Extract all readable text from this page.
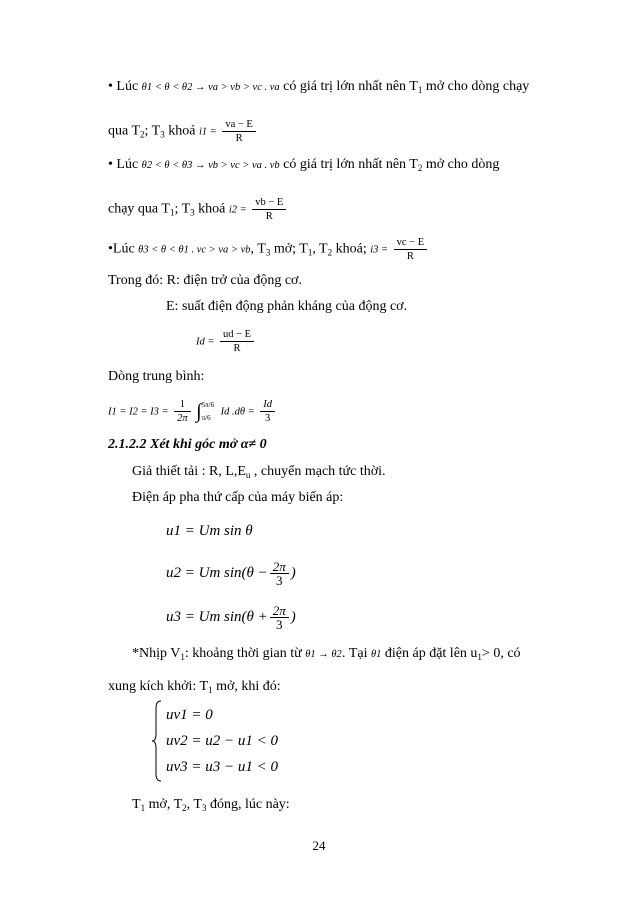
• Lúc θ1 < θ < θ2 → va > vb > vc . va có giá trị lớn nhất nên $T_1$ mở cho dòng chạy
qua $T_2$; $T_3$ khoá $i1 = \frac{va - E}{R}$
• Lúc θ2 < θ < θ3 → vb > vc > va . vb có giá trị lớn nhất nên $T_2$ mở cho dòng
chạy qua $T_1$; $T_3$ khoá $i2 = \frac{vb - E}{R}$
•Lúc θ3 < θ < θ1 . vc > va > vb, $T_3$ mở; $T_1$, $T_2$ khoá; $i3 = \frac{vc - E}{R}$
Trong đó: R: điện trở của động cơ.
E: suất điện động phản kháng của động cơ.
$Id = \frac{ud - E}{R}$
Dòng trung bình:
$I1 = I2 = I3 = \frac{1}{2\pi}$ ∫ 5π/6
π/6 Id $.d\theta = \frac{Id}{3}$
2.1.2.2 Xét khi góc mở α≠ 0
Giả thiết tải : R, $L,E_u$ , chuyển mạch tức thời.
Điện áp pha thứ cấp của máy biến áp:
u1 = Um sin θ
u2 = Um $\sin(\theta - \frac{2\pi}{3}$ )
u3 = Um $\sin(\theta + \frac{2\pi}{3}$ )
*Nhịp $V_1$: khoảng thời gian từ θ1 → θ2. Tại θ1 điện áp đặt lên $u_1> 0$, có
xung kích khởi: $T_1$ mở, khi đó:
uv1 = 0
uv2 = u2 − u1 < 0
uv3 = u3 − u1 < 0
$T_1$ mở, $T_2$, $T_3$ đóng, lúc này:
24
